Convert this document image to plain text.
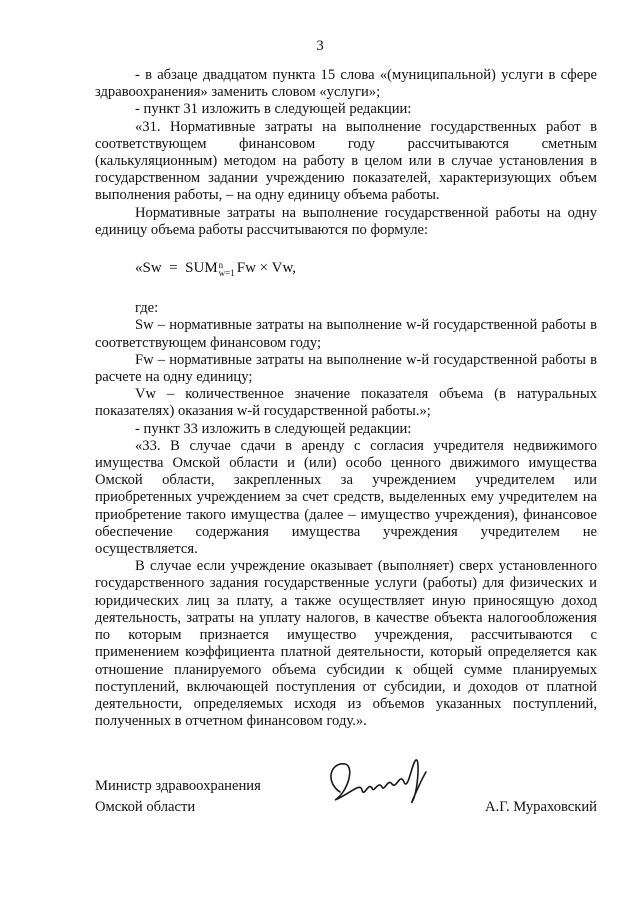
3

- в абзаце двадцатом пункта 15 слова «(муниципальной) услуги в сфере здравоохранения» заменить словом «услуги»;

- пункт 31 изложить в следующей редакции:

«31. Нормативные затраты на выполнение государственных работ в соответствующем финансовом году рассчитываются сметным (калькуляционным) методом на работу в целом или в случае установления в государственном задании учреждению показателей, характеризующих объем выполнения работы, – на одну единицу объема работы.

Нормативные затраты на выполнение государственной работы на одну единицу объема работы рассчитываются по формуле:

«Sw = SUM n
w=1 Fw × Vw,

где:

Sw – нормативные затраты на выполнение w-й государственной работы в соответствующем финансовом году;

Fw – нормативные затраты на выполнение w-й государственной работы в расчете на одну единицу;

Vw – количественное значение показателя объема (в натуральных показателях) оказания w-й государственной работы.»;

- пункт 33 изложить в следующей редакции:

«33. В случае сдачи в аренду с согласия учредителя недвижимого имущества Омской области и (или) особо ценного движимого имущества Омской области, закрепленных за учреждением учредителем или приобретенных учреждением за счет средств, выделенных ему учредителем на приобретение такого имущества (далее – имущество учреждения), финансовое обеспечение содержания имущества учреждения учредителем не осуществляется.

В случае если учреждение оказывает (выполняет) сверх установленного государственного задания государственные услуги (работы) для физических и юридических лиц за плату, а также осуществляет иную приносящую доход деятельность, затраты на уплату налогов, в качестве объекта налогообложения по которым признается имущество учреждения, рассчитываются с применением коэффициента платной деятельности, который определяется как отношение планируемого объема субсидии к общей сумме планируемых поступлений, включающей поступления от субсидии, и доходов от платной деятельности, определяемых исходя из объемов указанных поступлений, полученных в отчетном финансовом году.».

Министр здравоохранения
Омской области	А.Г. Мураховский
